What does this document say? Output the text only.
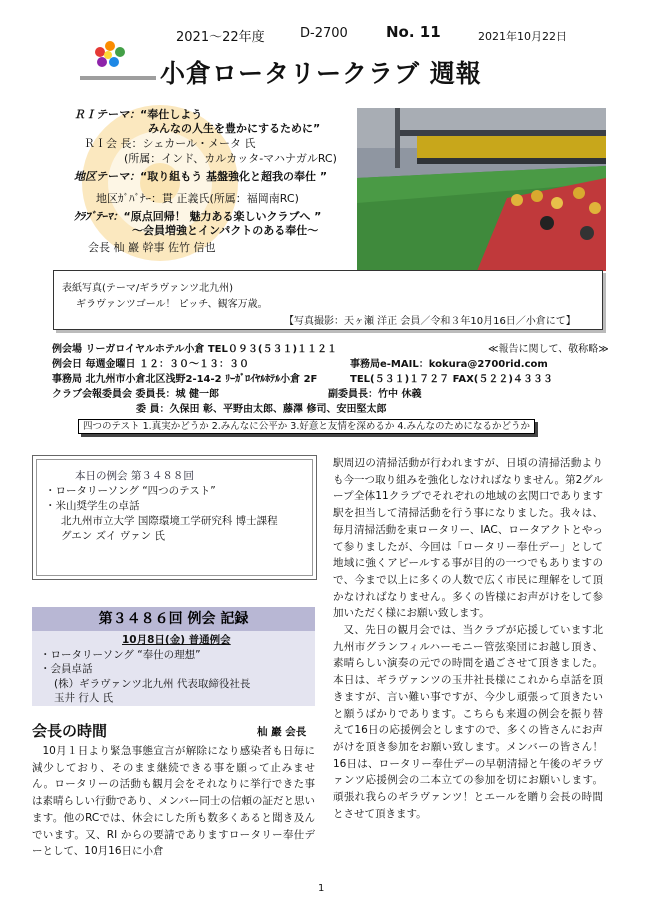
2021～22年度	D-2700	No. 11	2021年10月22日
小倉ロータリークラブ 週報
ＲＩテーマ：“奉仕しよう
みんなの人生を豊かにするために”
ＲＩ会 長：シェカール・メータ 氏
(所属：インド、カルカッタ-マハナガルRC)
地区テーマ：“取り組もう 基盤強化と超我の奉仕 ”
地区ｶﾞﾊﾞﾅｰ：貫 正義氏(所属：福岡南RC)
ｸﾗﾌﾞﾃｰﾏ：“原点回帰！ 魅力ある楽しいクラブへ ”
～会員増強とインパクトのある奉仕～
会長 杣 巖 幹事 佐竹 信也
表紙写真(テーマ/ギラヴァンツ北九州)
ギラヴァンツゴール！ ピッチ、観客万歳。
【写真撮影：天ヶ瀬 洋正 会員／令和３年10月16日／小倉にて】
例会場 リーガロイヤルホテル小倉 TEL０９３(５３１)１１２１	≪報告に関して、敬称略≫
例会日 毎週金曜日 １２：３０～１３：３０	事務局e-MAIL：kokura@2700rid.com
事務局 北九州市小倉北区浅野2-14-2 ﾘｰｶﾞﾛｲﾔﾙﾎﾃﾙ小倉 2F	TEL(５３１)１７２７ FAX(５２２)４３３３
クラブ会報委員会 委員長：城 健一郎	副委員長：竹中 休義
委 員：久保田 彰、平野由太郎、藤澤 修司、安田堅太郎
四つのテスト 1.真実かどうか 2.みんなに公平か 3.好意と友情を深めるか 4.みんなのためになるかどうか

本日の例会 第３４８８回

・ロータリーソング “四つのテスト”

・米山奨学生の卓話

北九州市立大学 国際環境工学研究科 博士課程

グエン ズイ ヴァン 氏

第３４８６回 例会 記録

10月8日(金) 普通例会

・ロータリーソング “奉仕の理想”

・会員卓話

(株）ギラヴァンツ北九州 代表取締役社長

玉井 行人 氏

会長の時間	杣 巖 会長
10月１日より緊急事態宣言が解除になり感染者も日毎に減少しており、そのまま継続できる事を願って止みません。ロータリーの活動も観月会をそれなりに挙行できた事は素晴らしい行動であり、メンバー同士の信頼の証だと思います。他のRCでは、休会にした所も数多くあると聞き及んでいます。又、RI からの要請でありますロータリー奉仕デーとして、10月16日に小倉

駅周辺の清掃活動が行われますが、日頃の清掃活動よりも今一つ取り組みを強化しなければなりません。第2グループ全体11クラブでそれぞれの地域の玄関口であります駅を担当して清掃活動を行う事になりました。我々は、毎月清掃活動を東ロータリー、IAC、ロータアクトとやって参りましたが、今回は「ロータリー奉仕デー」として地域に強くアピールする事が目的の一つでもありますので、今まで以上に多くの人数で広く市民に理解をして頂かなければなりません。多くの皆様にお声がけをして参加いただく様にお願い致します。

又、先日の観月会では、当クラブが応援しています北九州市グランフィルハーモニー管弦楽団にお越し頂き、素晴らしい演奏の元での時間を過ごさせて頂きました。本日は、ギラヴァンツの玉井社長様にこれから卓話を頂きますが、言い難い事ですが、今少し頑張って頂きたいと願うばかりであります。こちらも来週の例会を振り替えて16日の応援例会としますので、多くの皆さんにお声がけを頂き参加をお願い致します。メンバーの皆さん！16日は、ロータリー奉仕デーの早朝清掃と午後のギラヴァンツ応援例会の二本立ての参加を切にお願いします。頑張れ我らのギラヴァンツ！とエールを贈り会長の時間とさせて頂きます。

1
